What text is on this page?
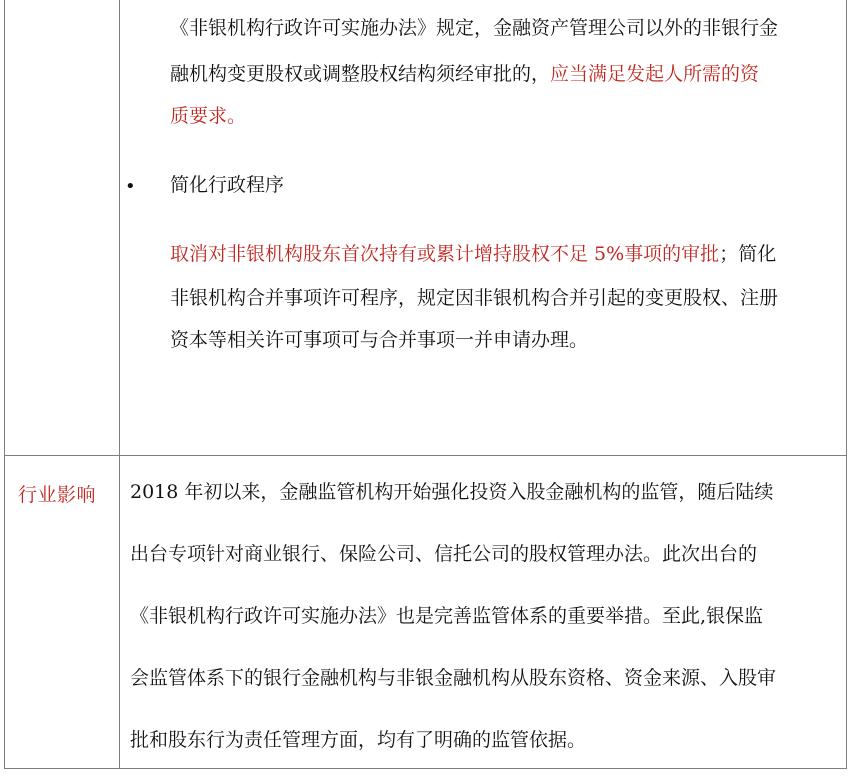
《非银机构行政许可实施办法》规定，金融资产管理公司以外的非银行金
融机构变更股权或调整股权结构须经审批的，应当满足发起人所需的资
质要求。
• 简化行政程序
取消对非银机构股东首次持有或累计增持股权不足 5%事项的审批；简化
非银机构合并事项许可程序，规定因非银机构合并引起的变更股权、注册
资本等相关许可事项可与合并事项一并申请办理。
行业影响 2018 年初以来，金融监管机构开始强化投资入股金融机构的监管，随后陆续
出台专项针对商业银行、保险公司、信托公司的股权管理办法。此次出台的
《非银机构行政许可实施办法》也是完善监管体系的重要举措。至此,银保监
会监管体系下的银行金融机构与非银金融机构从股东资格、资金来源、入股审
批和股东行为责任管理方面，均有了明确的监管依据。
